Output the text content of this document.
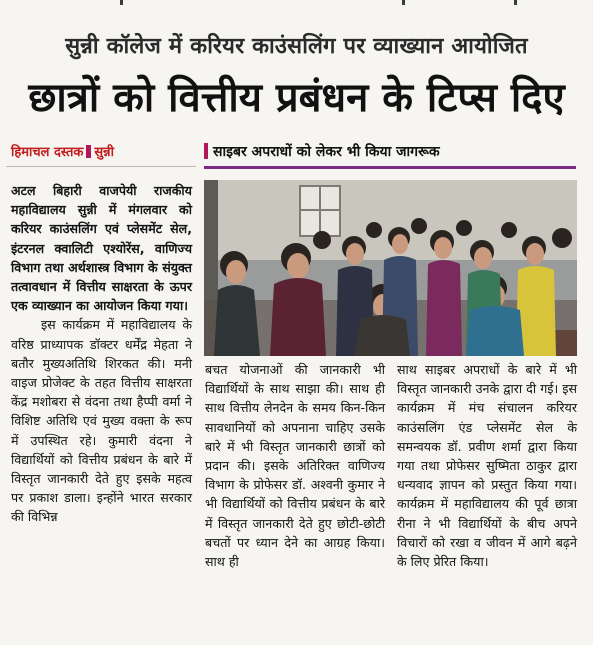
सुन्नी कॉलेज में करियर काउंसलिंग पर व्याख्यान आयोजित
छात्रों को वित्तीय प्रबंधन के टिप्स दिए
हिमाचल दस्तक सुन्नी	साइबर अपराधों को लेकर भी किया जागरूक

अटल बिहारी वाजपेयी राजकीय महाविद्यालय सुन्नी में मंगलवार को करियर काउंसलिंग एवं प्लेसमेंट सेल, इंटरनल क्वालिटी एश्योरेंस, वाणिज्य विभाग तथा अर्थशास्त्र विभाग के संयुक्त तत्वावधान में वित्तीय साक्षरता के ऊपर एक व्याख्यान का आयोजन किया गया।

इस कार्यक्रम में महाविद्यालय के वरिष्ठ प्राध्यापक डॉक्टर धर्मेंद्र मेहता ने बतौर मुख्यअतिथि शिरकत की। मनी वाइज प्रोजेक्ट के तहत वित्तीय साक्षरता केंद्र मशोबरा से वंदना तथा हैप्पी वर्मा ने विशिष्ट अतिथि एवं मुख्य वक्ता के रूप में उपस्थित रहे। कुमारी वंदना ने विद्यार्थियों को वित्तीय प्रबंधन के बारे में विस्तृत जानकारी देते हुए इसके महत्व पर प्रकाश डाला। इन्होंने भारत सरकार की विभिन्न

बचत योजनाओं की जानकारी भी विद्यार्थियों के साथ साझा की। साथ ही साथ वित्तीय लेनदेन के समय किन-किन सावधानियों को अपनाना चाहिए उसके बारे में भी विस्तृत जानकारी छात्रों को प्रदान की। इसके अतिरिक्त वाणिज्य विभाग के प्रोफेसर डॉ. अश्वनी कुमार ने भी विद्यार्थियों को वित्तीय प्रबंधन के बारे में विस्तृत जानकारी देते हुए छोटी-छोटी बचतों पर ध्यान देने का आग्रह किया। साथ ही

साथ साइबर अपराधों के बारे में भी विस्तृत जानकारी उनके द्वारा दी गई। इस कार्यक्रम में मंच संचालन करियर काउंसलिंग एंड प्लेसमेंट सेल के समन्वयक डॉ. प्रवीण शर्मा द्वारा किया गया तथा प्रोफेसर सुष्मिता ठाकुर द्वारा धन्यवाद ज्ञापन को प्रस्तुत किया गया। कार्यक्रम में महाविद्यालय की पूर्व छात्रा रीना ने भी विद्यार्थियों के बीच अपने विचारों को रखा व जीवन में आगे बढ़ने के लिए प्रेरित किया।
